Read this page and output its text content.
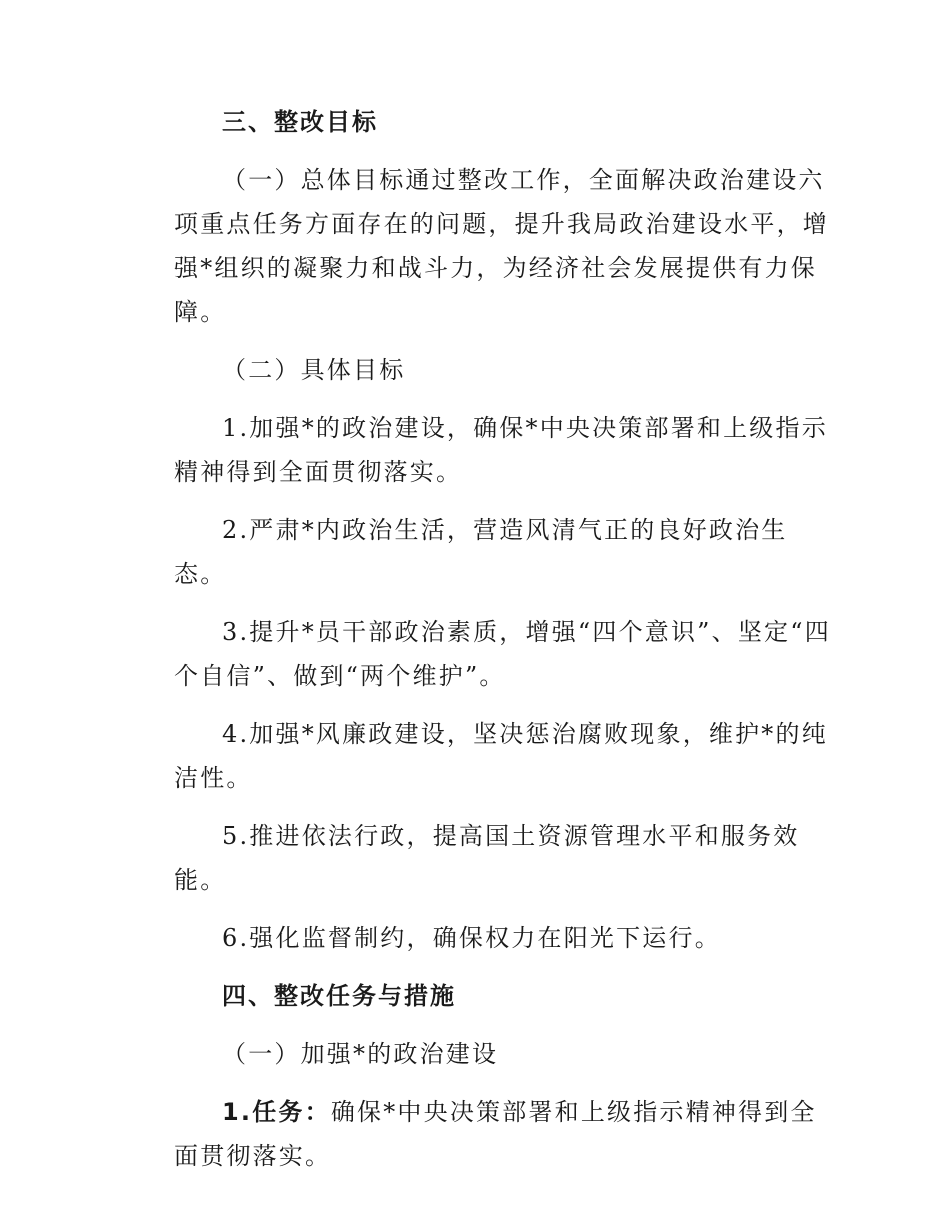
三、整改目标

（一）总体目标通过整改工作，全面解决政治建设六项重点任务方面存在的问题，提升我局政治建设水平，增强*组织的凝聚力和战斗力，为经济社会发展提供有力保障。

（二）具体目标

1.加强*的政治建设，确保*中央决策部署和上级指示精神得到全面贯彻落实。

2.严肃*内政治生活，营造风清气正的良好政治生态。

3.提升*员干部政治素质，增强“四个意识”、坚定“四个自信”、做到“两个维护”。

4.加强*风廉政建设，坚决惩治腐败现象，维护*的纯洁性。

5.推进依法行政，提高国土资源管理水平和服务效能。

6.强化监督制约，确保权力在阳光下运行。

四、整改任务与措施

（一）加强*的政治建设

1.任务：确保*中央决策部署和上级指示精神得到全面贯彻落实。
